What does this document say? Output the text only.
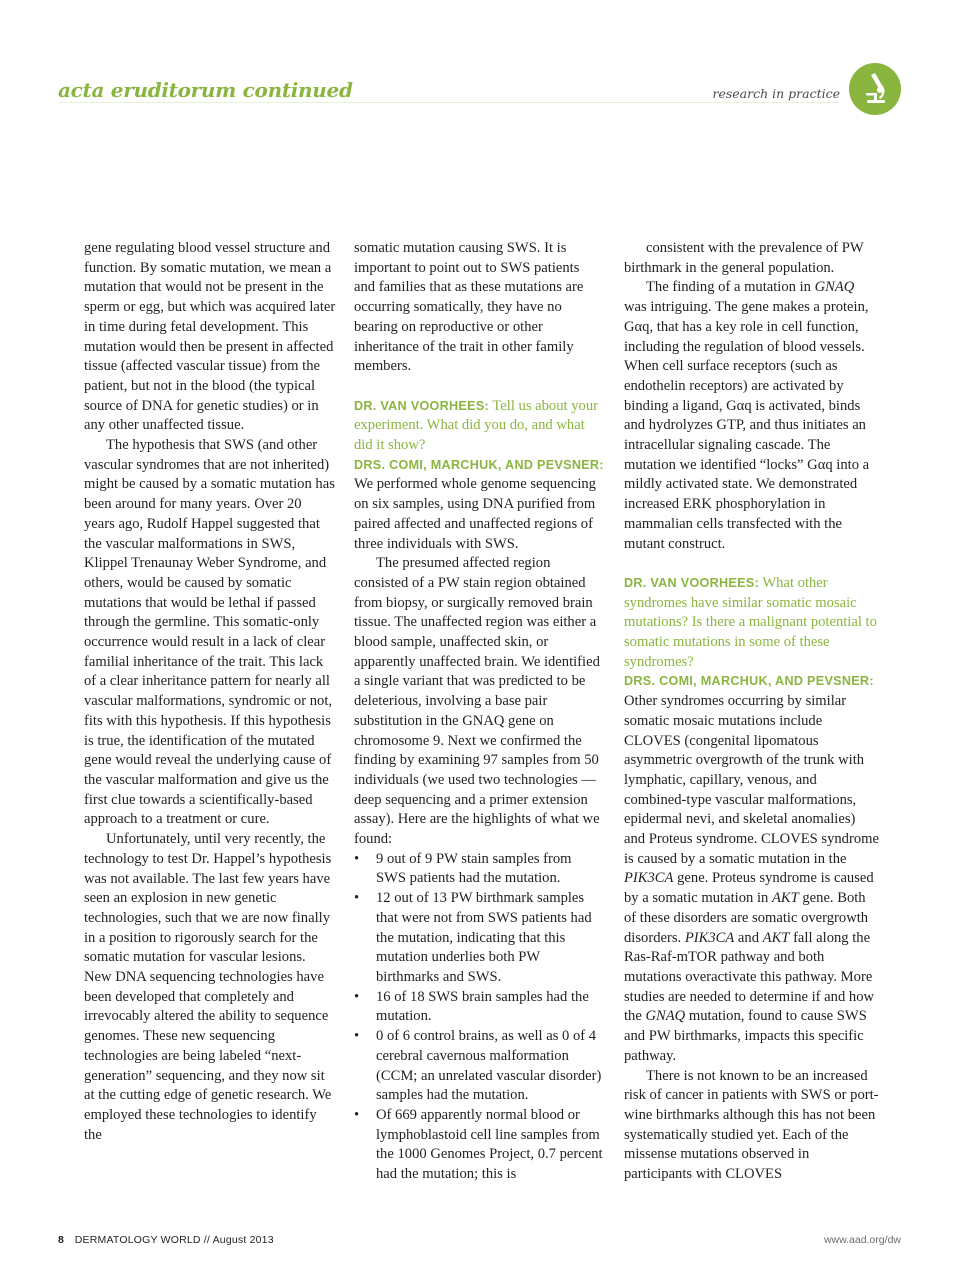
acta eruditorum continued	research in practice

gene regulating blood vessel structure and function. By somatic mutation, we mean a mutation that would not be present in the sperm or egg, but which was acquired later in time during fetal development. This mutation would then be present in affected tissue (affected vascular tissue) from the patient, but not in the blood (the typical source of DNA for genetic studies) or in any other unaffected tissue.

The hypothesis that SWS (and other vascular syndromes that are not inherited) might be caused by a somatic mutation has been around for many years. Over 20 years ago, Rudolf Happel suggested that the vascular malformations in SWS, Klippel Trenaunay Weber Syndrome, and others, would be caused by somatic mutations that would be lethal if passed through the germline. This somatic-only occurrence would result in a lack of clear familial inheritance of the trait. This lack of a clear inheritance pattern for nearly all vascular malformations, syndromic or not, fits with this hypothesis. If this hypothesis is true, the identification of the mutated gene would reveal the underlying cause of the vascular malformation and give us the first clue towards a scientifically-based approach to a treatment or cure.

Unfortunately, until very recently, the technology to test Dr. Happel’s hypothesis was not available. The last few years have seen an explosion in new genetic technologies, such that we are now finally in a position to rigorously search for the somatic mutation for vascular lesions. New DNA sequencing technologies have been developed that completely and irrevocably altered the ability to sequence genomes. These new sequencing technologies are being labeled “next-generation” sequencing, and they now sit at the cutting edge of genetic research. We employed these technologies to identify the

somatic mutation causing SWS. It is important to point out to SWS patients and families that as these mutations are occurring somatically, they have no bearing on reproductive or other inheritance of the trait in other family members.

DR. VAN VOORHEES: Tell us about your experiment. What did you do, and what did it show?

DRS. COMI, MARCHUK, AND PEVSNER: We performed whole genome sequencing on six samples, using DNA purified from paired affected and unaffected regions of three individuals with SWS.

The presumed affected region consisted of a PW stain region obtained from biopsy, or surgically removed brain tissue. The unaffected region was either a blood sample, unaffected skin, or apparently unaffected brain. We identified a single variant that was predicted to be deleterious, involving a base pair substitution in the GNAQ gene on chromosome 9. Next we confirmed the finding by examining 97 samples from 50 individuals (we used two technologies — deep sequencing and a primer extension assay). Here are the highlights of what we found:

• 9 out of 9 PW stain samples from SWS patients had the mutation.
• 12 out of 13 PW birthmark samples that were not from SWS patients had the mutation, indicating that this mutation underlies both PW birthmarks and SWS.
• 16 of 18 SWS brain samples had the mutation.
• 0 of 6 control brains, as well as 0 of 4 cerebral cavernous malformation (CCM; an unrelated vascular disorder) samples had the mutation.
• Of 669 apparently normal blood or lymphoblastoid cell line samples from the 1000 Genomes Project, 0.7 percent had the mutation; this is

consistent with the prevalence of PW birthmark in the general population.

The finding of a mutation in GNAQ was intriguing. The gene makes a protein, Gαq, that has a key role in cell function, including the regulation of blood vessels. When cell surface receptors (such as endothelin receptors) are activated by binding a ligand, Gαq is activated, binds and hydrolyzes GTP, and thus initiates an intracellular signaling cascade. The mutation we identified “locks” Gαq into a mildly activated state. We demonstrated increased ERK phosphorylation in mammalian cells transfected with the mutant construct.

DR. VAN VOORHEES: What other syndromes have similar somatic mosaic mutations? Is there a malignant potential to somatic mutations in some of these syndromes?

DRS. COMI, MARCHUK, AND PEVSNER: Other syndromes occurring by similar somatic mosaic mutations include CLOVES (congenital lipomatous asymmetric overgrowth of the trunk with lymphatic, capillary, venous, and combined-type vascular malformations, epidermal nevi, and skeletal anomalies) and Proteus syndrome. CLOVES syndrome is caused by a somatic mutation in the PIK3CA gene. Proteus syndrome is caused by a somatic mutation in AKT gene. Both of these disorders are somatic overgrowth disorders. PIK3CA and AKT fall along the Ras-Raf-mTOR pathway and both mutations overactivate this pathway. More studies are needed to determine if and how the GNAQ mutation, found to cause SWS and PW birthmarks, impacts this specific pathway.

There is not known to be an increased risk of cancer in patients with SWS or port-wine birthmarks although this has not been systematically studied yet. Each of the missense mutations observed in participants with CLOVES

8 DERMATOLOGY WORLD // August 2013	www.aad.org/dw
